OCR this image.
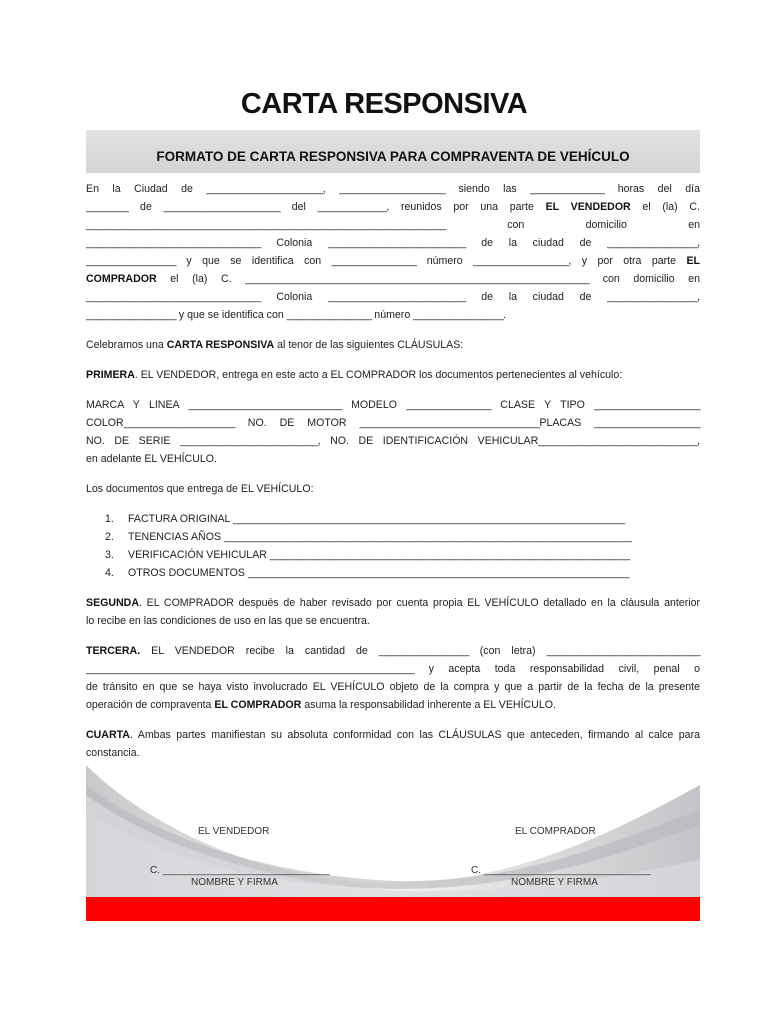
CARTA RESPONSIVA
FORMATO DE CARTA RESPONSIVA PARA COMPRAVENTA DE VEHÍCULO
En la Ciudad de ______________________, ____________________ siendo las ______________ horas del día
________ de ______________________ del _____________, reunidos por una parte EL VENDEDOR el (la) C.
____________________________________________________________________ con domicilio en
_________________________________ Colonia __________________________ de la ciudad de _________________,
_________________ y que se identifica con ________________ número __________________, y por otra parte EL
COMPRADOR el (la) C. _________________________________________________________________ con domicilio en
_________________________________ Colonia __________________________ de la ciudad de _________________,
_________________ y que se identifica con ________________ número _________________.
Celebramos una CARTA RESPONSIVA al tenor de las siguientes CLÁUSULAS:
PRIMERA. EL VENDEDOR, entrega en este acto a EL COMPRADOR los documentos pertenecientes al vehículo:
MARCA Y LINEA _____________________________ MODELO ________________ CLASE Y TIPO ____________________
COLOR_____________________ NO. DE MOTOR __________________________________PLACAS ____________________
NO. DE SERIE __________________________, NO. DE IDENTIFICACIÓN VEHICULAR______________________________,
en adelante EL VEHÍCULO.
Los documentos que entrega de EL VEHÍCULO:
1. FACTURA ORIGINAL __________________________________________________________________________
2. TENENCIAS AÑOS _____________________________________________________________________________
3. VERIFICACIÓN VEHICULAR ____________________________________________________________________
4. OTROS DOCUMENTOS ________________________________________________________________________
SEGUNDA. EL COMPRADOR después de haber revisado por cuenta propia EL VEHÍCULO detallado en la cláusula anterior
lo recibe en las condiciones de uso en las que se encuentra.
TERCERA. EL VENDEDOR recibe la cantidad de _________________ (con letra) _____________________________
______________________________________________________________ y acepta toda responsabilidad civil, penal o
de tránsito en que se haya visto involucrado EL VEHÍCULO objeto de la compra y que a partir de la fecha de la presente
operación de compraventa EL COMPRADOR asuma la responsabilidad inherente a EL VEHÍCULO.
CUARTA. Ambas partes manifiestan su absoluta conformidad con las CLÁUSULAS que anteceden, firmando al calce para
constancia.
EL VENDEDOR	EL COMPRADOR
C. ______________________________	C. ______________________________
NOMBRE Y FIRMA	NOMBRE Y FIRMA
